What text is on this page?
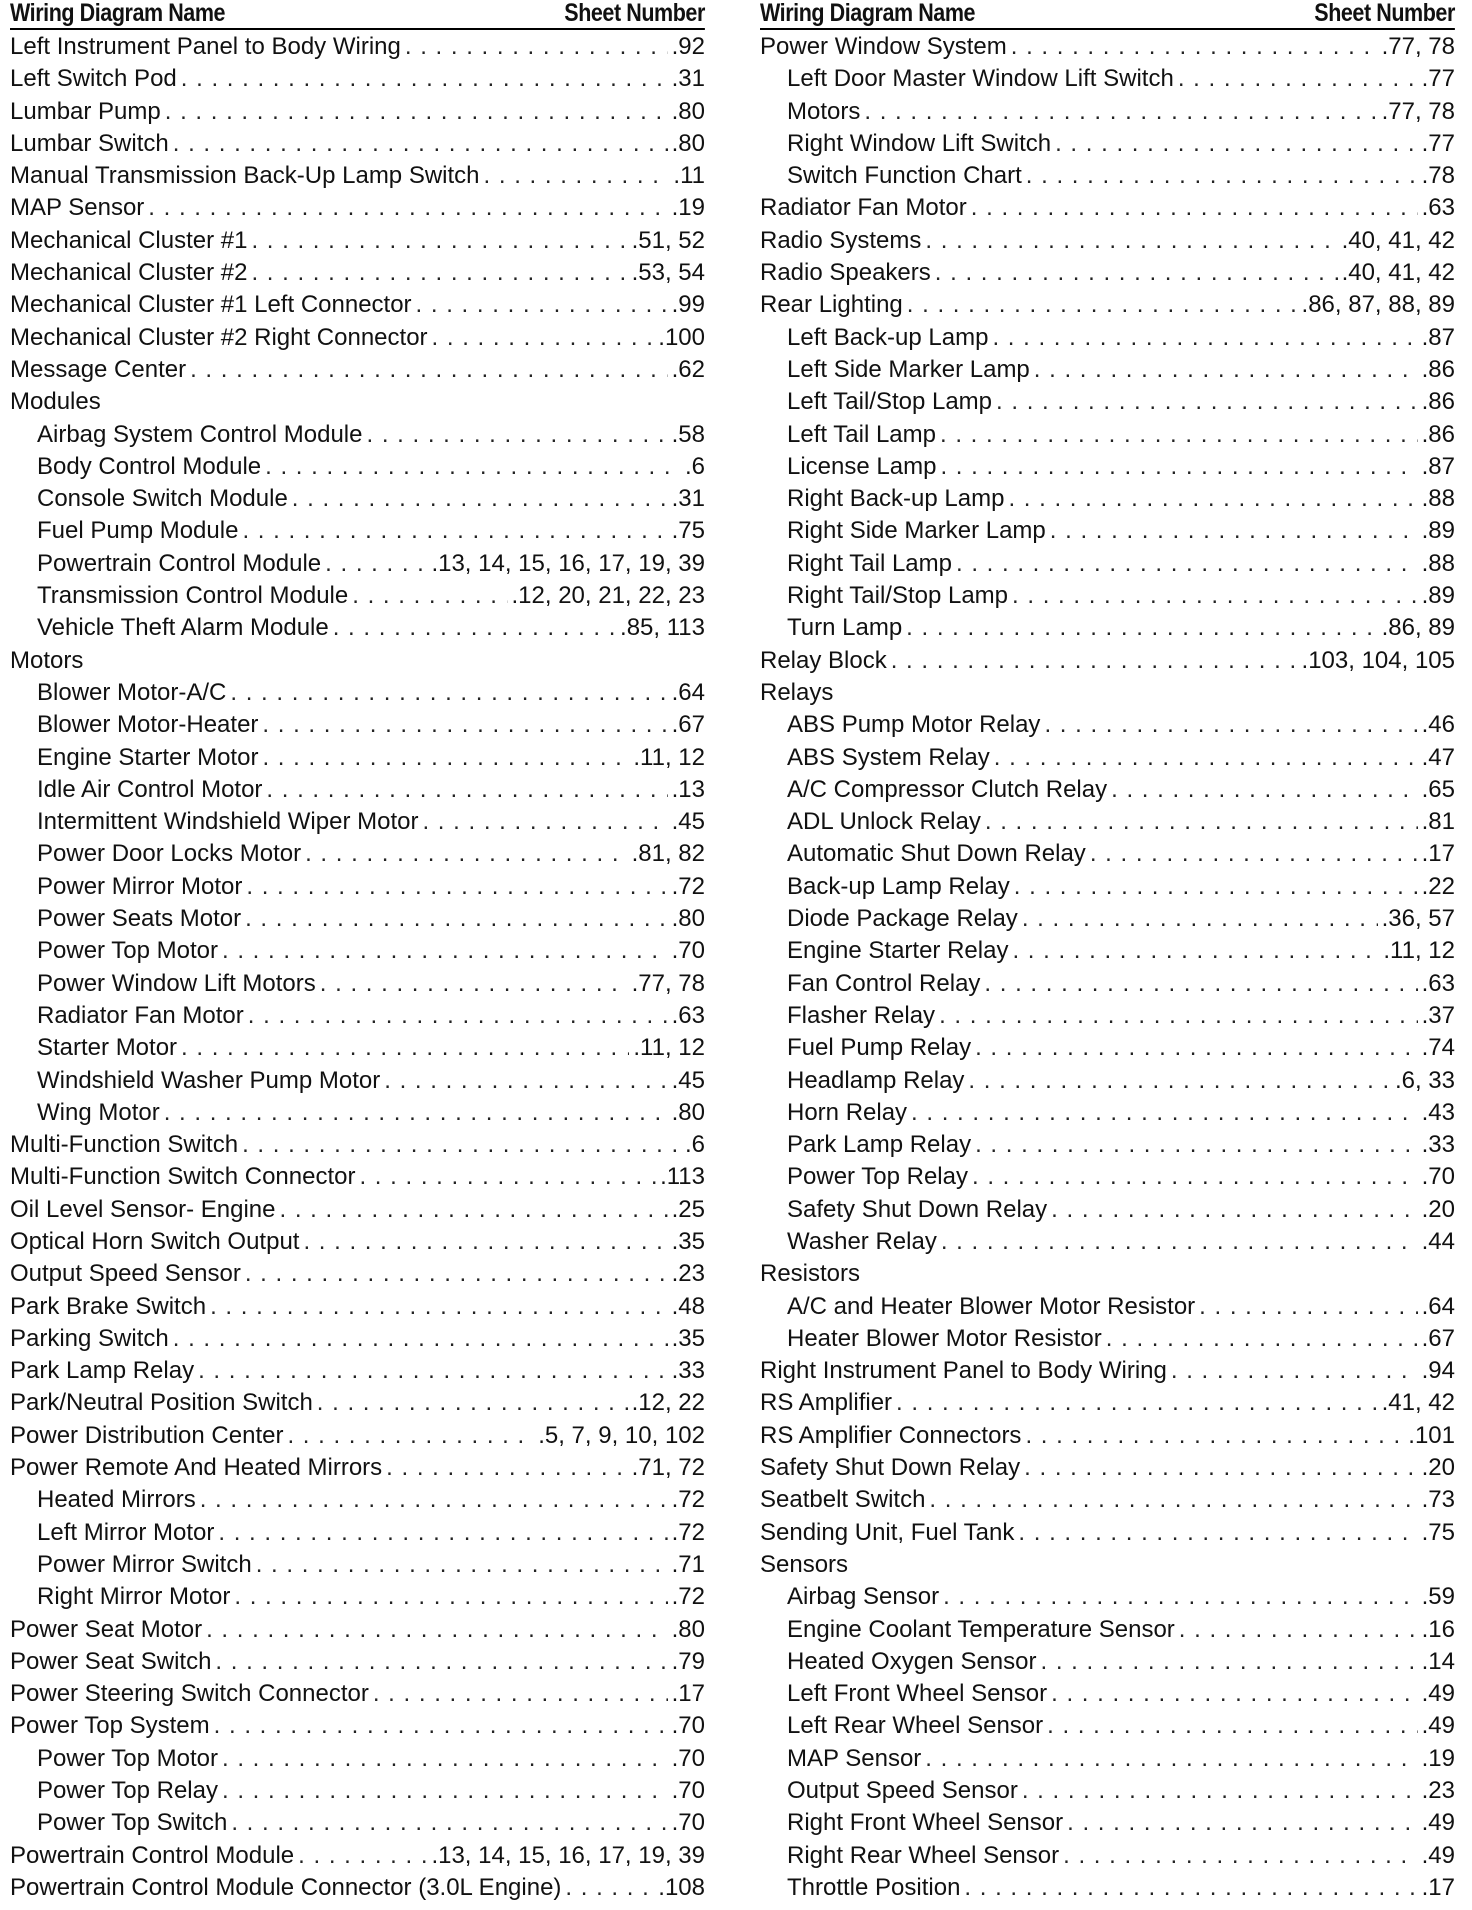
Wiring Diagram Name	Sheet Number
Left Instrument Panel to Body Wiring . . .	.92
Left Switch Pod . . .	.31
Lumbar Pump . . .	.80
Lumbar Switch . . .	.80
Manual Transmission Back-Up Lamp Switch . . .	.11
MAP Sensor . . .	.19
Mechanical Cluster #1 . . .	.51, 52
Mechanical Cluster #2 . . .	.53, 54
Mechanical Cluster #1 Left Connector . . .	.99
Mechanical Cluster #2 Right Connector . . .	.100
Message Center . . .	.62
Modules
Airbag System Control Module . . .	.58
Body Control Module . . .	.6
Console Switch Module . . .	.31
Fuel Pump Module . . .	.75
Powertrain Control Module . . .	.13, 14, 15, 16, 17, 19, 39
Transmission Control Module . . .	.12, 20, 21, 22, 23
Vehicle Theft Alarm Module . . .	.85, 113
Motors
Blower Motor-A/C . . .	.64
Blower Motor-Heater . . .	.67
Engine Starter Motor . . .	.11, 12
Idle Air Control Motor . . .	.13
Intermittent Windshield Wiper Motor . . .	.45
Power Door Locks Motor . . .	.81, 82
Power Mirror Motor . . .	.72
Power Seats Motor . . .	.80
Power Top Motor . . .	.70
Power Window Lift Motors . . .	.77, 78
Radiator Fan Motor . . .	.63
Starter Motor . . .	.11, 12
Windshield Washer Pump Motor . . .	.45
Wing Motor . . .	.80
Multi-Function Switch . . .	.6
Multi-Function Switch Connector . . .	.113
Oil Level Sensor- Engine . . .	.25
Optical Horn Switch Output . . .	.35
Output Speed Sensor . . .	.23
Park Brake Switch . . .	.48
Parking Switch . . .	.35
Park Lamp Relay . . .	.33
Park/Neutral Position Switch . . .	.12, 22
Power Distribution Center . . .	.5, 7, 9, 10, 102
Power Remote And Heated Mirrors . . .	.71, 72
Heated Mirrors . . .	.72
Left Mirror Motor . . .	.72
Power Mirror Switch . . .	.71
Right Mirror Motor . . .	.72
Power Seat Motor . . .	.80
Power Seat Switch . . .	.79
Power Steering Switch Connector . . .	.17
Power Top System . . .	.70
Power Top Motor . . .	.70
Power Top Relay . . .	.70
Power Top Switch . . .	.70
Powertrain Control Module . . .	.13, 14, 15, 16, 17, 19, 39
Powertrain Control Module Connector (3.0L Engine) . . .	.108
Wiring Diagram Name	Sheet Number
Power Window System . . .	.77, 78
Left Door Master Window Lift Switch . . .	.77
Motors . . .	.77, 78
Right Window Lift Switch . . .	.77
Switch Function Chart . . .	.78
Radiator Fan Motor . . .	.63
Radio Systems . . .	.40, 41, 42
Radio Speakers . . .	.40, 41, 42
Rear Lighting . . .	.86, 87, 88, 89
Left Back-up Lamp . . .	.87
Left Side Marker Lamp . . .	.86
Left Tail/Stop Lamp . . .	.86
Left Tail Lamp . . .	.86
License Lamp . . .	.87
Right Back-up Lamp . . .	.88
Right Side Marker Lamp . . .	.89
Right Tail Lamp . . .	.88
Right Tail/Stop Lamp . . .	.89
Turn Lamp . . .	.86, 89
Relay Block . . .	.103, 104, 105
Relays
ABS Pump Motor Relay . . .	.46
ABS System Relay . . .	.47
A/C Compressor Clutch Relay . . .	.65
ADL Unlock Relay . . .	.81
Automatic Shut Down Relay . . .	.17
Back-up Lamp Relay . . .	.22
Diode Package Relay . . .	.36, 57
Engine Starter Relay . . .	.11, 12
Fan Control Relay . . .	.63
Flasher Relay . . .	.37
Fuel Pump Relay . . .	.74
Headlamp Relay . . .	.6, 33
Horn Relay . . .	.43
Park Lamp Relay . . .	.33
Power Top Relay . . .	.70
Safety Shut Down Relay . . .	.20
Washer Relay . . .	.44
Resistors
A/C and Heater Blower Motor Resistor . . .	.64
Heater Blower Motor Resistor . . .	.67
Right Instrument Panel to Body Wiring . . .	.94
RS Amplifier . . .	.41, 42
RS Amplifier Connectors . . .	.101
Safety Shut Down Relay . . .	.20
Seatbelt Switch . . .	.73
Sending Unit, Fuel Tank . . .	.75
Sensors
Airbag Sensor . . .	.59
Engine Coolant Temperature Sensor . . .	.16
Heated Oxygen Sensor . . .	.14
Left Front Wheel Sensor . . .	.49
Left Rear Wheel Sensor . . .	.49
MAP Sensor . . .	.19
Output Speed Sensor . . .	.23
Right Front Wheel Sensor . . .	.49
Right Rear Wheel Sensor . . .	.49
Throttle Position . . .	.17
